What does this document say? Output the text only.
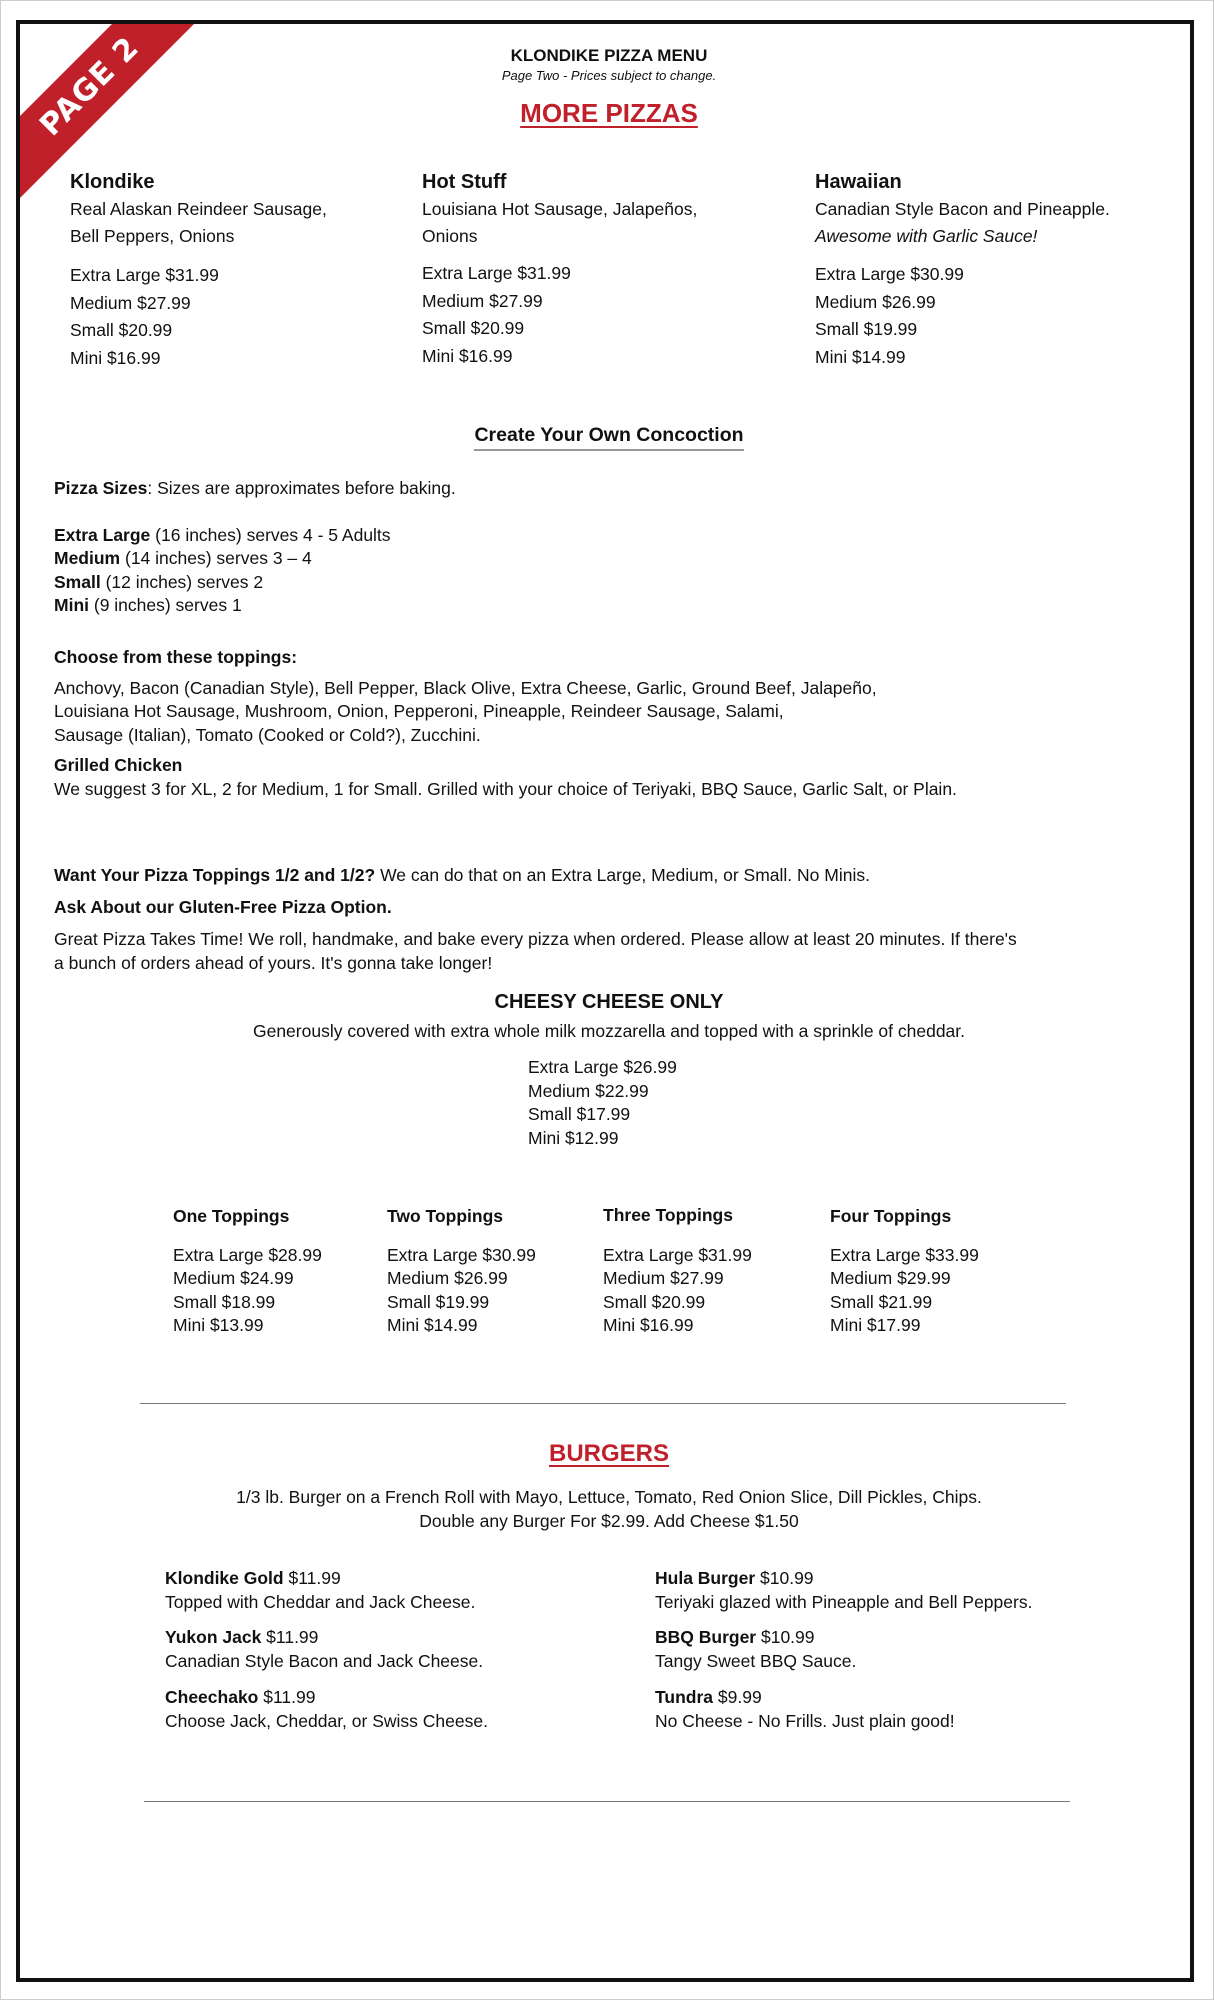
PAGE 2	KLONDIKE PIZZA MENU
Page Two - Prices subject to change.
MORE PIZZAS
Klondike
Real Alaskan Reindeer Sausage,
Bell Peppers, Onions
Extra Large $31.99
Medium $27.99
Small $20.99
Mini $16.99
Hot Stuff
Louisiana Hot Sausage, Jalapeños,
Onions
Extra Large $31.99
Medium $27.99
Small $20.99
Mini $16.99
Hawaiian
Canadian Style Bacon and Pineapple.
Awesome with Garlic Sauce!
Extra Large $30.99
Medium $26.99
Small $19.99
Mini $14.99
Create Your Own Concoction
Pizza Sizes: Sizes are approximates before baking.
Extra Large (16 inches) serves 4 - 5 Adults
Medium (14 inches) serves 3 – 4
Small (12 inches) serves 2
Mini (9 inches) serves 1
Choose from these toppings:
Anchovy, Bacon (Canadian Style), Bell Pepper, Black Olive, Extra Cheese, Garlic, Ground Beef, Jalapeño,
Louisiana Hot Sausage, Mushroom, Onion, Pepperoni, Pineapple, Reindeer Sausage, Salami,
Sausage (Italian), Tomato (Cooked or Cold?), Zucchini.
Grilled Chicken
We suggest 3 for XL, 2 for Medium, 1 for Small. Grilled with your choice of Teriyaki, BBQ Sauce, Garlic Salt, or Plain.
Want Your Pizza Toppings 1/2 and 1/2? We can do that on an Extra Large, Medium, or Small. No Minis.
Ask About our Gluten-Free Pizza Option.
Great Pizza Takes Time! We roll, handmake, and bake every pizza when ordered. Please allow at least 20 minutes. If there's
a bunch of orders ahead of yours. It's gonna take longer!
CHEESY CHEESE ONLY
Generously covered with extra whole milk mozzarella and topped with a sprinkle of cheddar.
Extra Large $26.99
Medium $22.99
Small $17.99
Mini $12.99
One Toppings
Extra Large $28.99
Medium $24.99
Small $18.99
Mini $13.99
Two Toppings
Extra Large $30.99
Medium $26.99
Small $19.99
Mini $14.99
Three Toppings
Extra Large $31.99
Medium $27.99
Small $20.99
Mini $16.99
Four Toppings
Extra Large $33.99
Medium $29.99
Small $21.99
Mini $17.99
BURGERS
1/3 lb. Burger on a French Roll with Mayo, Lettuce, Tomato, Red Onion Slice, Dill Pickles, Chips.
Double any Burger For $2.99. Add Cheese $1.50
Klondike Gold $11.99
Topped with Cheddar and Jack Cheese.
Yukon Jack $11.99
Canadian Style Bacon and Jack Cheese.
Cheechako $11.99
Choose Jack, Cheddar, or Swiss Cheese.
Hula Burger $10.99
Teriyaki glazed with Pineapple and Bell Peppers.
BBQ Burger $10.99
Tangy Sweet BBQ Sauce.
Tundra $9.99
No Cheese - No Frills. Just plain good!
